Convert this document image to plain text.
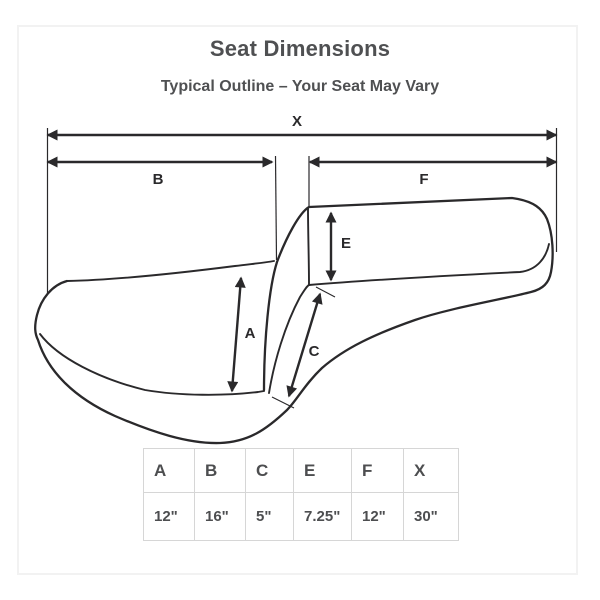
Seat Dimensions
Typical Outline – Your Seat May Vary
X
B	F
E
A
C
A	B	C	E	F	X
12"	16"	5"	7.25"	12"	30"
